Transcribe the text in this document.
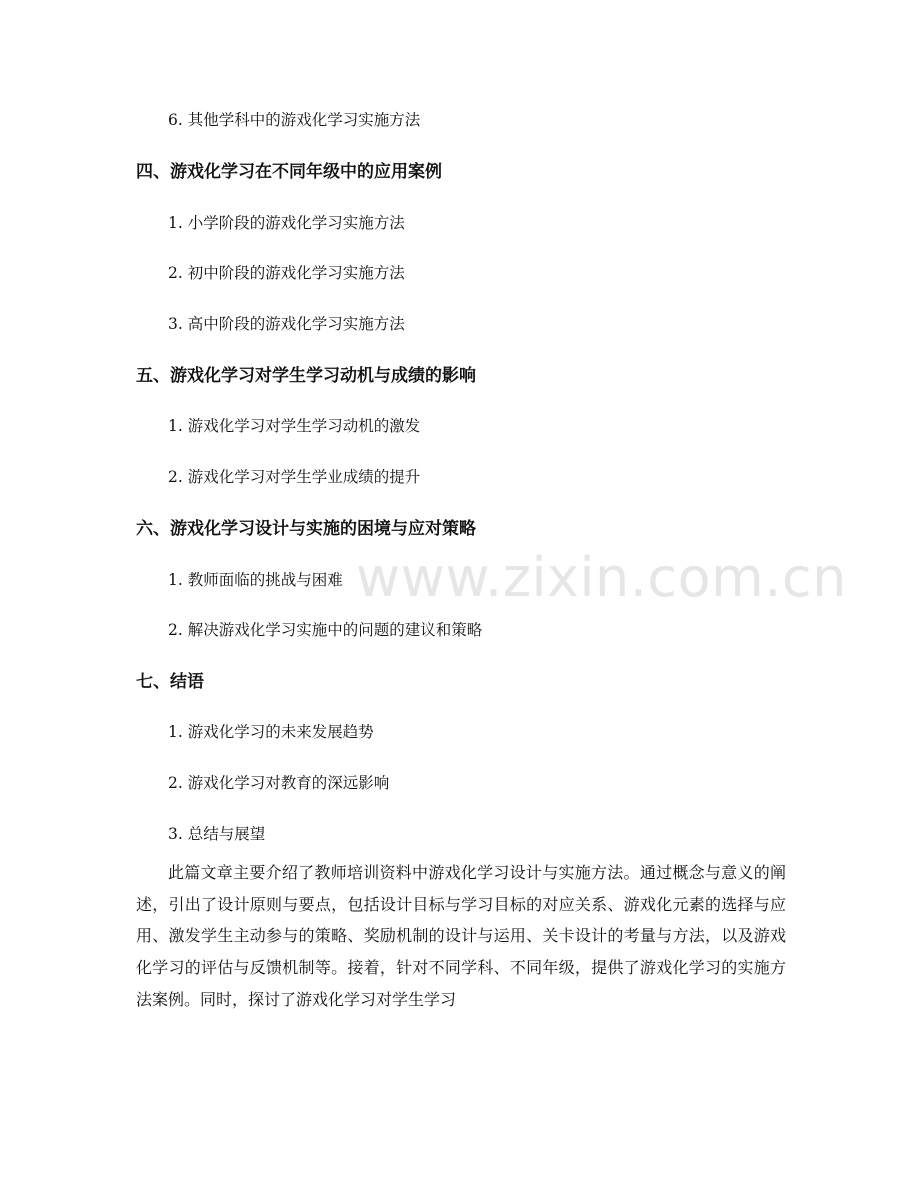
www.zixin.com.cn
6. 其他学科中的游戏化学习实施方法
四、游戏化学习在不同年级中的应用案例
1. 小学阶段的游戏化学习实施方法
2. 初中阶段的游戏化学习实施方法
3. 高中阶段的游戏化学习实施方法
五、游戏化学习对学生学习动机与成绩的影响
1. 游戏化学习对学生学习动机的激发
2. 游戏化学习对学生学业成绩的提升
六、游戏化学习设计与实施的困境与应对策略
1. 教师面临的挑战与困难
2. 解决游戏化学习实施中的问题的建议和策略
七、结语
1. 游戏化学习的未来发展趋势
2. 游戏化学习对教育的深远影响
3. 总结与展望

此篇文章主要介绍了教师培训资料中游戏化学习设计与实施方法。通过概念与意义的阐述，引出了设计原则与要点，包括设计目标与学习目标的对应关系、游戏化元素的选择与应用、激发学生主动参与的策略、奖励机制的设计与运用、关卡设计的考量与方法，以及游戏化学习的评估与反馈机制等。接着，针对不同学科、不同年级，提供了游戏化学习的实施方法案例。同时，探讨了游戏化学习对学生学习
